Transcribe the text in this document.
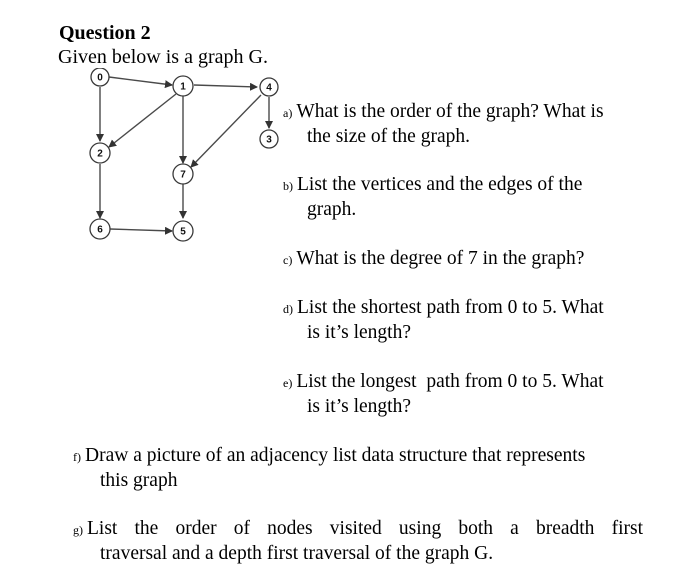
Question 2
Given below is a graph G.
0
1	4
3
2
7
6	5
a) What is the order of the graph? What is
the size of the graph.
b) List the vertices and the edges of the
graph.
c) What is the degree of 7 in the graph?
d) List the shortest path from 0 to 5. What
is it’s length?
e) List the longest  path from 0 to 5. What
is it’s length?
f) Draw a picture of an adjacency list data structure that represents
this graph
g) List the order of nodes visited using both a breadth first
traversal and a depth first traversal of the graph G.
